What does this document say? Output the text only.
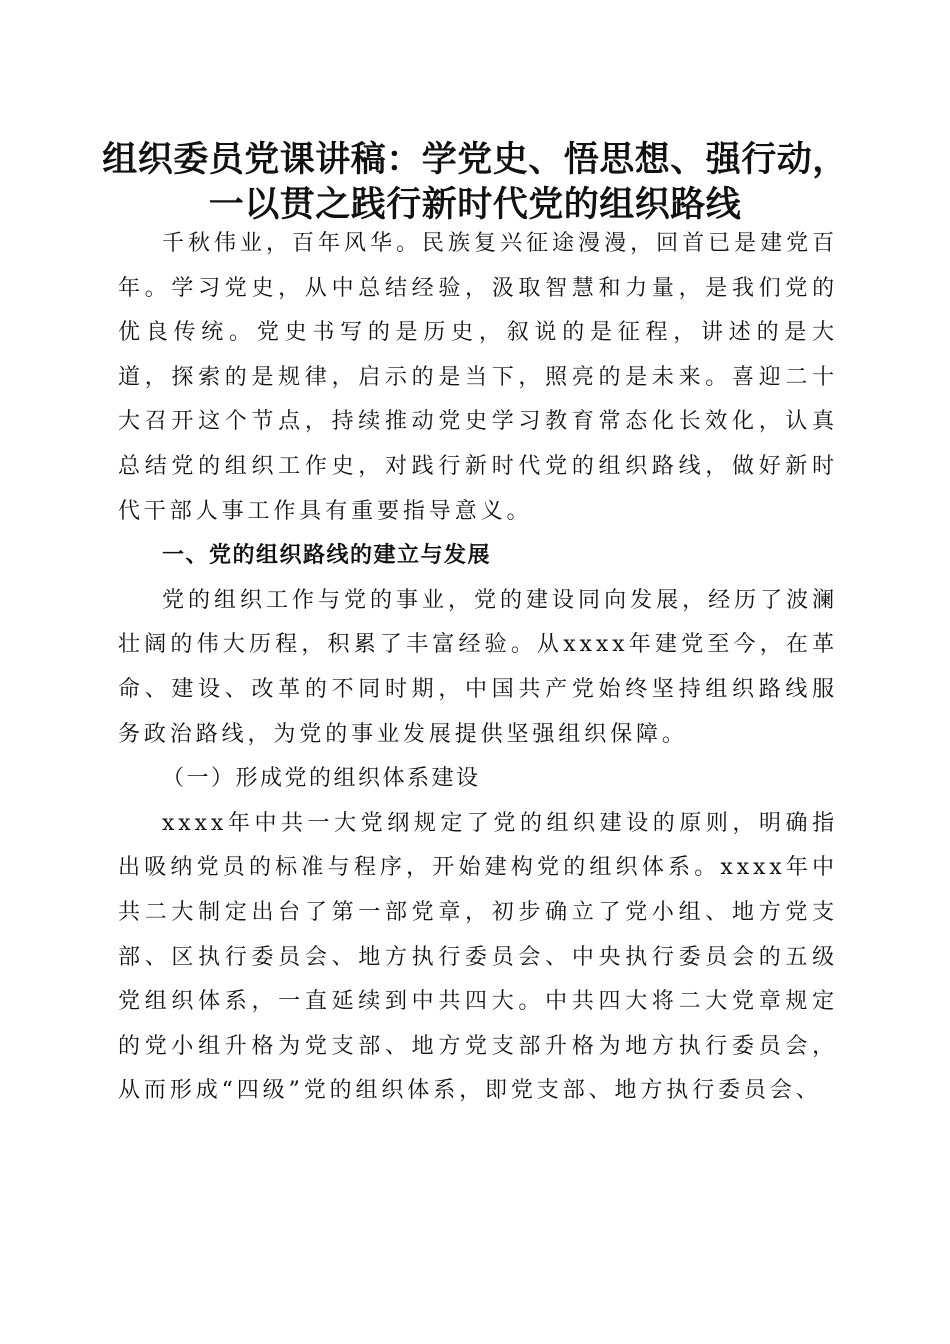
组织委员党课讲稿：学党史、悟思想、强行动，
一以贯之践行新时代党的组织路线

千秋伟业，百年风华。民族复兴征途漫漫，回首已是建党百年。学习党史，从中总结经验，汲取智慧和力量，是我们党的优良传统。党史书写的是历史，叙说的是征程，讲述的是大道，探索的是规律，启示的是当下，照亮的是未来。喜迎二十大召开这个节点，持续推动党史学习教育常态化长效化，认真总结党的组织工作史，对践行新时代党的组织路线，做好新时代干部人事工作具有重要指导意义。

一、党的组织路线的建立与发展

党的组织工作与党的事业，党的建设同向发展，经历了波澜壮阔的伟大历程，积累了丰富经验。从xxxx年建党至今，在革命、建设、改革的不同时期，中国共产党始终坚持组织路线服务政治路线，为党的事业发展提供坚强组织保障。

（一）形成党的组织体系建设

xxxx年中共一大党纲规定了党的组织建设的原则，明确指出吸纳党员的标准与程序，开始建构党的组织体系。xxxx年中共二大制定出台了第一部党章，初步确立了党小组、地方党支部、区执行委员会、地方执行委员会、中央执行委员会的五级党组织体系，一直延续到中共四大。中共四大将二大党章规定的党小组升格为党支部、地方党支部升格为地方执行委员会，从而形成“四级”党的组织体系，即党支部、地方执行委员会、
